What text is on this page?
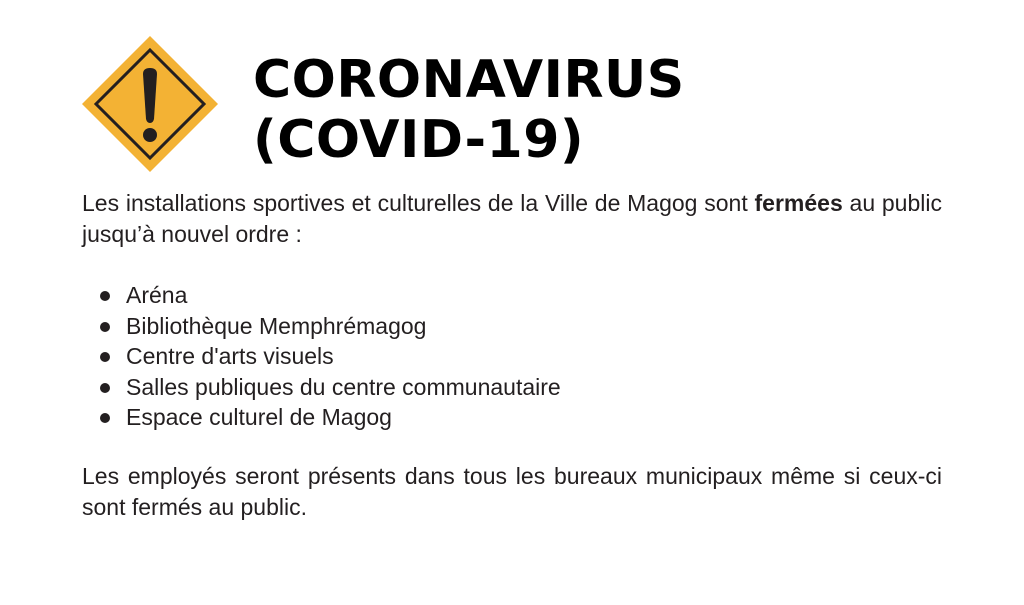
CORONAVIRUS
(COVID-19)

Les installations sportives et culturelles de la Ville de Magog sont fermées au public jusqu’à nouvel ordre :

Aréna
Bibliothèque Memphrémagog
Centre d'arts visuels
Salles publiques du centre communautaire
Espace culturel de Magog

Les employés seront présents dans tous les bureaux municipaux même si ceux-ci sont fermés au public.
